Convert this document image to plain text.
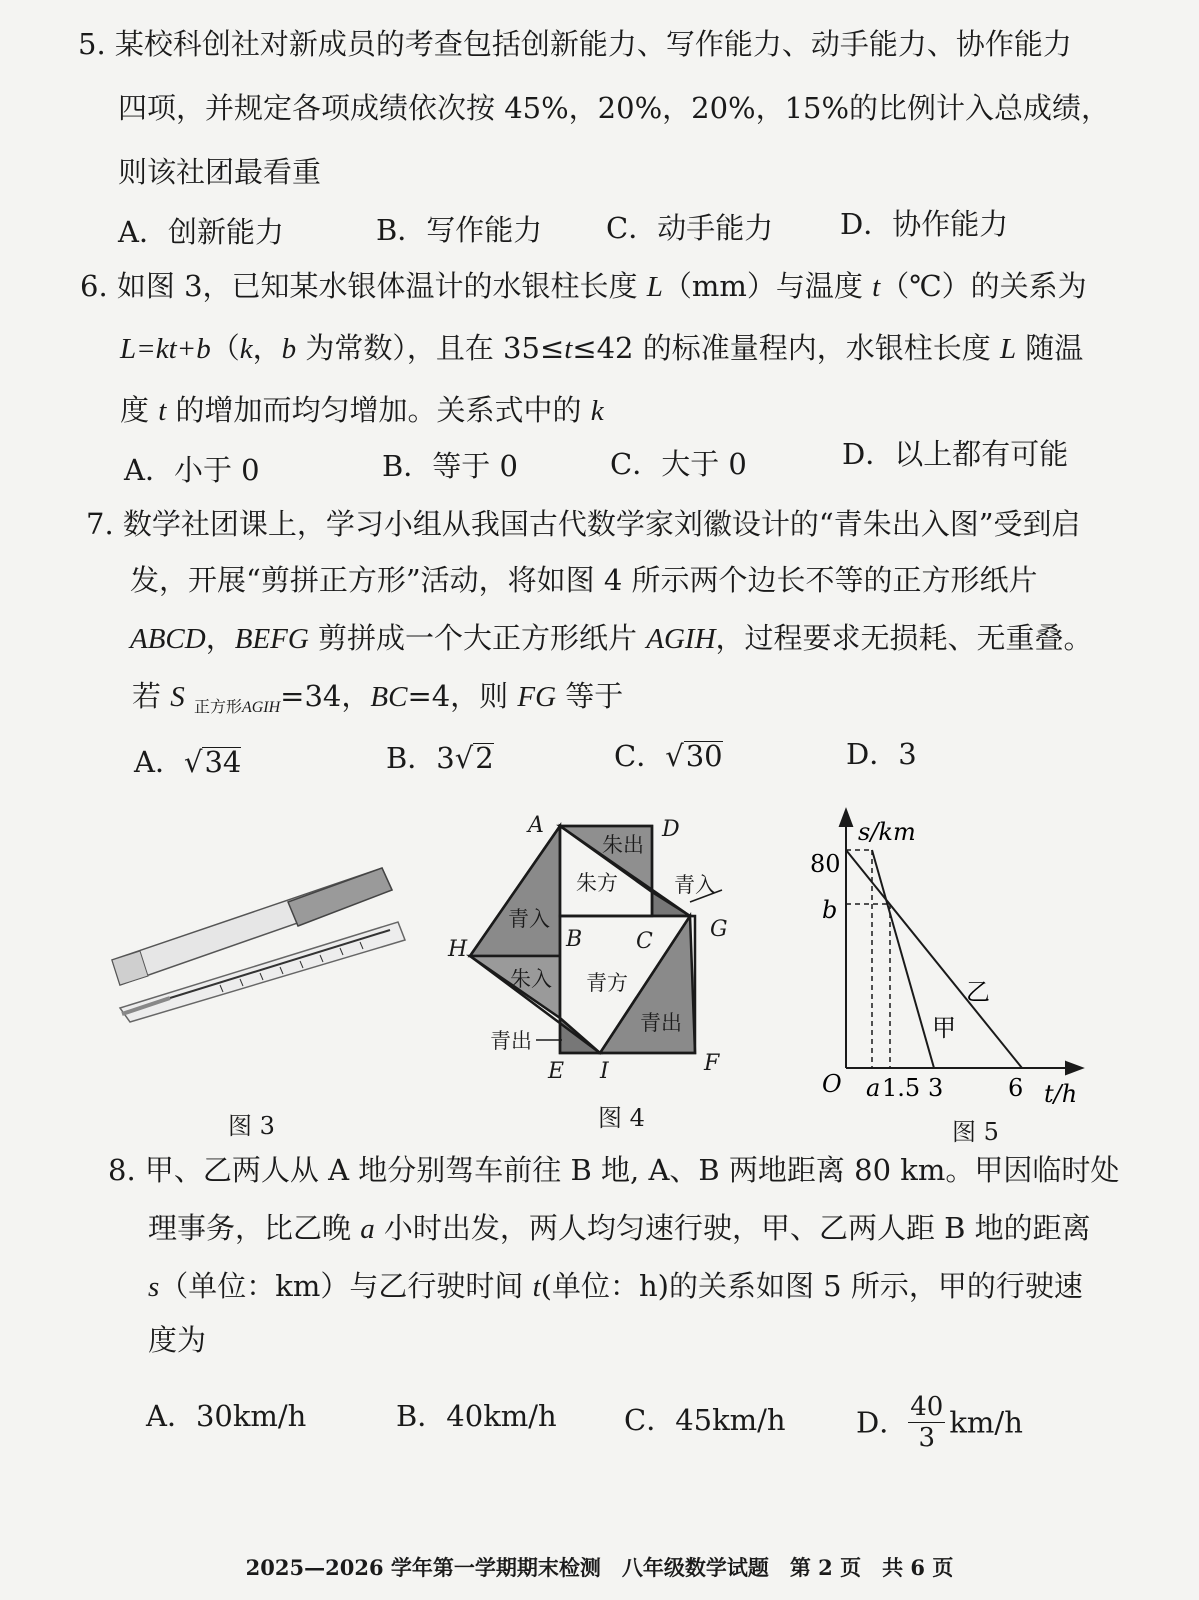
5. 某校科创社对新成员的考查包括创新能力、写作能力、动手能力、协作能力
四项，并规定各项成绩依次按 45%，20%，20%，15%的比例计入总成绩，
则该社团最看重
A．创新能力	B．写作能力 C．动手能力 D．协作能力
6. 如图 3，已知某水银体温计的水银柱长度 L（mm）与温度 t（℃）的关系为
L=kt+b（k，b 为常数），且在 35≤t≤42 的标准量程内，水银柱长度 L 随温
度 t 的增加而均匀增加。关系式中的 k
A．小于 0	B．等于 0	C．大于 0	D．以上都有可能
7. 数学社团课上，学习小组从我国古代数学家刘徽设计的“青朱出入图”受到启
发，开展“剪拼正方形”活动，将如图 4 所示两个边长不等的正方形纸片
ABCD，BEFG 剪拼成一个大正方形纸片 AGIH，过程要求无损耗、无重叠。
若 S $_{正方形AGIH}$=34，BC=4，则 FG 等于
A．√34	B．3√2	C．√30	D．3
图 3
A	D
G
H	B C
E I	F
朱出
朱方	青入
青入
朱入 青方
青出
青出
图 4
s/km
80
b
O a 1.5 3	6 t/h
乙
甲
图 5
8. 甲、乙两人从 A 地分别驾车前往 B 地, A、B 两地距离 80 km。甲因临时处
理事务，比乙晚 a 小时出发，两人均匀速行驶，甲、乙两人距 B 地的距离
s（单位：km）与乙行驶时间 t(单位：h)的关系如图 5 所示，甲的行驶速
度为
A．30km/h	B．40km/h C．45km/h D． $\frac{40}{3} km/h$
2025—2026 学年第一学期期末检测　八年级数学试题　第 2 页　共 6 页
